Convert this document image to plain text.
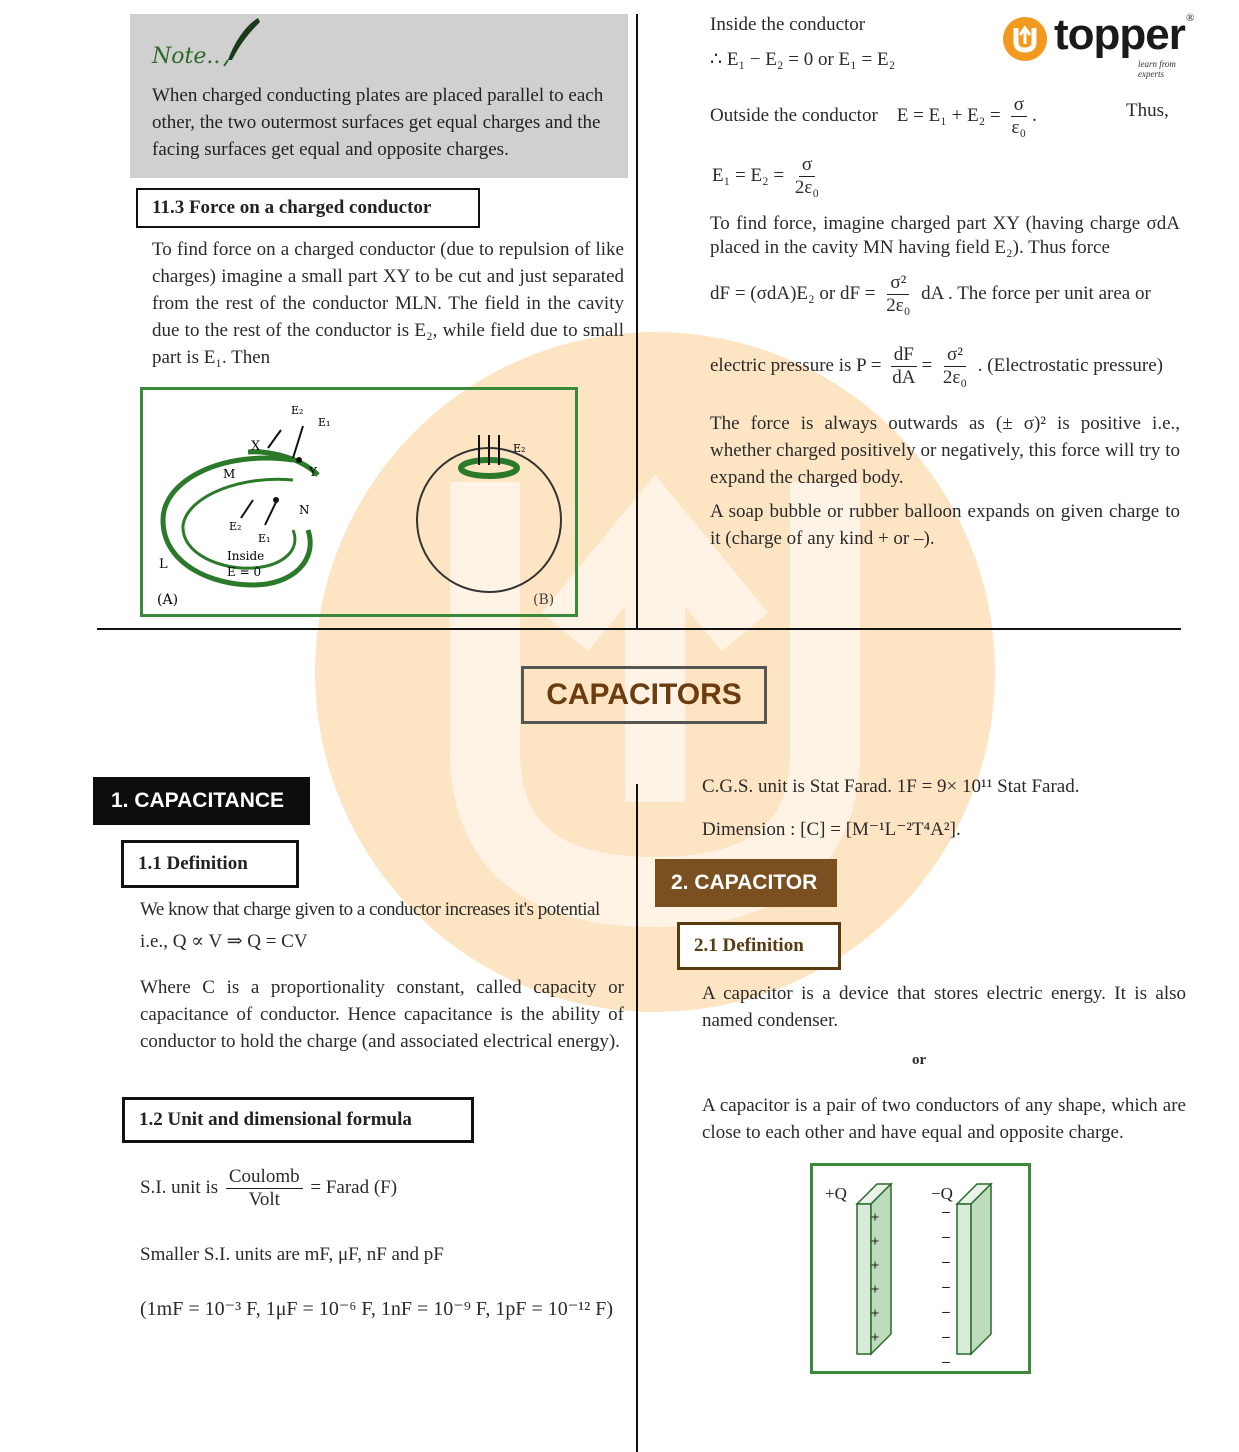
Note..
When charged conducting plates are placed parallel to each other, the two outermost surfaces get equal charges and the facing surfaces get equal and opposite charges.
11.3 Force on a charged conductor
To find force on a charged conductor (due to repulsion of like charges) imagine a small part XY to be cut and just separated from the rest of the conductor MLN. The field in the cavity due to the rest of the conductor is E₂, while field due to small part is E₁. Then
E₂
E₁
X
Y
M
N
L
E₂
E₁
Inside
E = 0
(A)
E₂
(B)
Inside the conductor
∴ E₁ − E₂ = 0 or E₁ = E₂
Outside the conductor $E = E_1 + E_2 = \frac{\sigma}{\text{ε₀}}$ .	Thus,
$E_1 = E_2 = \frac{\sigma}{\text{2ε₀}}$
To find force, imagine charged part XY (having charge σdA placed in the cavity MN having field E₂). Thus force
dF = (σdA)E₂ or dF = $\frac{\text{σ²}}{\text{2ε₀}}$ dA . The force per unit area or
electric pressure is $P = \frac{dF}{dA} = \frac{\text{σ²}}{\text{2ε₀}}$ . (Electrostatic pressure)
The force is always outwards as (± σ)² is positive i.e., whether charged positively or negatively, this force will try to expand the charged body.
A soap bubble or rubber balloon expands on given charge to it (charge of any kind + or –).
topper ®
learn from experts
CAPACITORS
1. CAPACITANCE
1.1 Definition
We know that charge given to a conductor increases it's potential
i.e., Q ∝ V ⇒ Q = CV
Where C is a proportionality constant, called capacity or capacitance of conductor. Hence capacitance is the ability of conductor to hold the charge (and associated electrical energy).
1.2 Unit and dimensional formula
S.I. unit is $\frac{\text{Coulomb}}{\text{Volt}}$ = Farad (F)
Smaller S.I. units are mF, μF, nF and pF
(1mF = 10⁻³ F, 1μF = 10⁻⁶ F, 1nF = 10⁻⁹ F, 1pF = 10⁻¹² F)
C.G.S. unit is Stat Farad. 1F = 9× 10¹¹ Stat Farad.
Dimension : [C] = [M⁻¹L⁻²T⁴A²].
2. CAPACITOR
2.1 Definition
A capacitor is a device that stores electric energy. It is also named condenser.
or
A capacitor is a pair of two conductors of any shape, which are close to each other and have equal and opposite charge.
+Q	−Q
+
+
+
+
+
+
–
–
–
–
–
–
–
